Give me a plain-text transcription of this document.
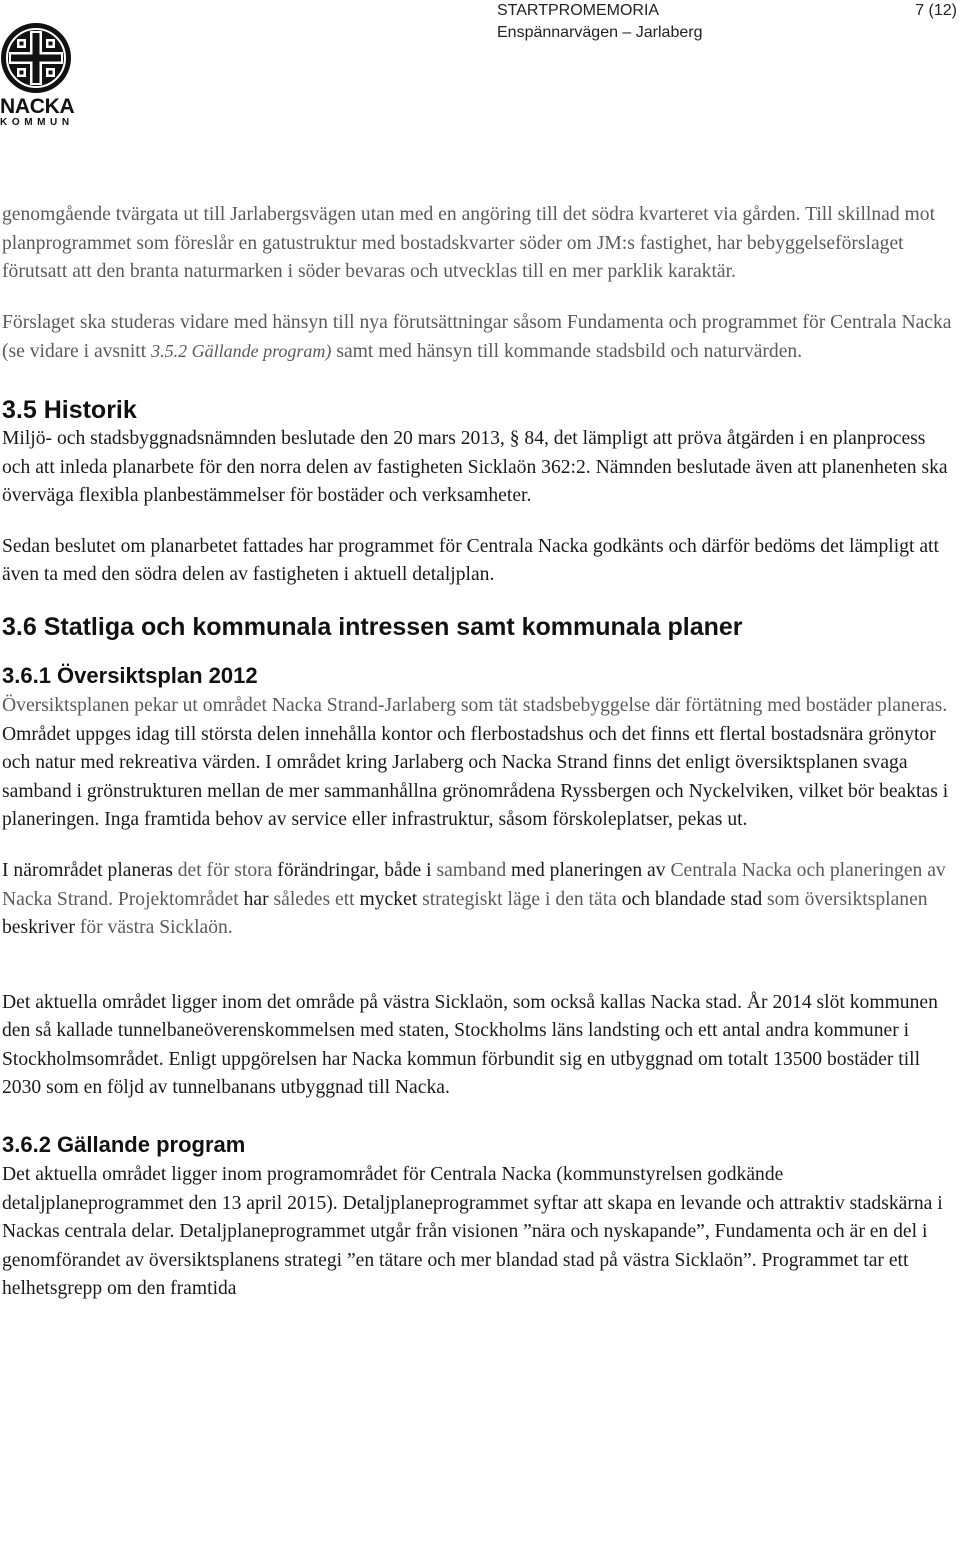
NACKA
KOMMUN
STARTPROMEMORIA
Enspännarvägen – Jarlaberg
7 (12)

genomgående tvärgata ut till Jarlabergsvägen utan med en angöring till det södra kvarteret via gården. Till skillnad mot planprogrammet som föreslår en gatustruktur med bostadskvarter söder om JM:s fastighet, har bebyggelseförslaget förutsatt att den branta naturmarken i söder bevaras och utvecklas till en mer parklik karaktär.

Förslaget ska studeras vidare med hänsyn till nya förutsättningar såsom Fundamenta och programmet för Centrala Nacka (se vidare i avsnitt 3.5.2 Gällande program) samt med hänsyn till kommande stadsbild och naturvärden.

3.5 Historik

Miljö- och stadsbyggnadsnämnden beslutade den 20 mars 2013, § 84, det lämpligt att pröva åtgärden i en planprocess och att inleda planarbete för den norra delen av fastigheten Sicklaön 362:2. Nämnden beslutade även att planenheten ska överväga flexibla planbestämmelser för bostäder och verksamheter.

Sedan beslutet om planarbetet fattades har programmet för Centrala Nacka godkänts och därför bedöms det lämpligt att även ta med den södra delen av fastigheten i aktuell detaljplan.

3.6 Statliga och kommunala intressen samt kommunala planer
3.6.1 Översiktsplan 2012

Översiktsplanen pekar ut området Nacka Strand-Jarlaberg som tät stadsbebyggelse där förtätning med bostäder planeras. Området uppges idag till största delen innehålla kontor och flerbostadshus och det finns ett flertal bostadsnära grönytor och natur med rekreativa värden. I området kring Jarlaberg och Nacka Strand finns det enligt översiktsplanen svaga samband i grönstrukturen mellan de mer sammanhållna grönområdena Ryssbergen och Nyckelviken, vilket bör beaktas i planeringen. Inga framtida behov av service eller infrastruktur, såsom förskoleplatser, pekas ut.

I närområdet planeras det för stora förändringar, både i samband med planeringen av Centrala Nacka och planeringen av Nacka Strand. Projektområdet har således ett mycket strategiskt läge i den täta och blandade stad som översiktsplanen beskriver för västra Sicklaön.

Det aktuella området ligger inom det område på västra Sicklaön, som också kallas Nacka stad. År 2014 slöt kommunen den så kallade tunnelbaneöverenskommelsen med staten, Stockholms läns landsting och ett antal andra kommuner i Stockholmsområdet. Enligt uppgörelsen har Nacka kommun förbundit sig en utbyggnad om totalt 13500 bostäder till 2030 som en följd av tunnelbanans utbyggnad till Nacka.

3.6.2 Gällande program

Det aktuella området ligger inom programområdet för Centrala Nacka (kommunstyrelsen godkände detaljplaneprogrammet den 13 april 2015). Detaljplaneprogrammet syftar att skapa en levande och attraktiv stadskärna i Nackas centrala delar. Detaljplaneprogrammet utgår från visionen ”nära och nyskapande”, Fundamenta och är en del i genomförandet av översiktsplanens strategi ”en tätare och mer blandad stad på västra Sicklaön”. Programmet tar ett helhetsgrepp om den framtida
